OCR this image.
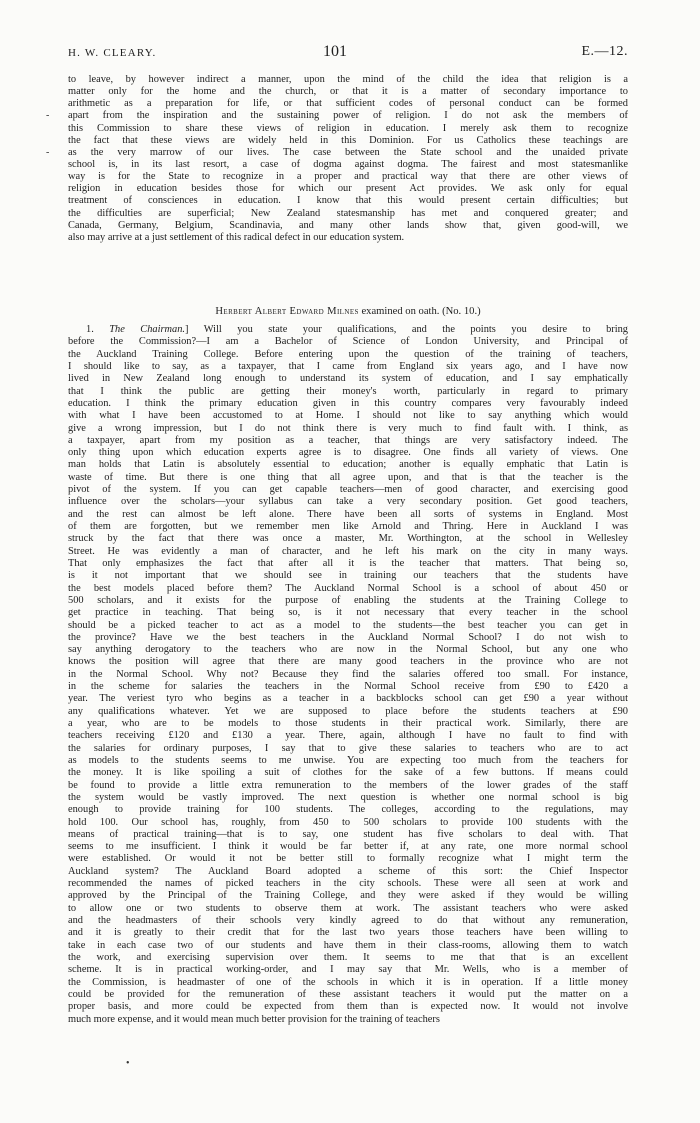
H. W. CLEARY.	101	E.—12.
-
-
to leave, by however indirect a manner, upon the mind of the child the idea that religion is a
matter only for the home and the church, or that it is a matter of secondary importance to
arithmetic as a preparation for life, or that sufficient codes of personal conduct can be formed
apart from the inspiration and the sustaining power of religion. I do not ask the members of
this Commission to share these views of religion in education. I merely ask them to recognize
the fact that these views are widely held in this Dominion. For us Catholics these teachings are
as the very marrow of our lives. The case between the State school and the unaided private
school is, in its last resort, a case of dogma against dogma. The fairest and most statesmanlike
way is for the State to recognize in a proper and practical way that there are other views of
religion in education besides those for which our present Act provides. We ask only for equal
treatment of consciences in education. I know that this would present certain difficulties; but
the difficulties are superficial; New Zealand statesmanship has met and conquered greater; and
Canada, Germany, Belgium, Scandinavia, and many other lands show that, given good-will, we
also may arrive at a just settlement of this radical defect in our education system.
Herbert Albert Edward Milnes examined on oath. (No. 10.)
1. The Chairman.] Will you state your qualifications, and the points you desire to bring
before the Commission?—I am a Bachelor of Science of London University, and Principal of
the Auckland Training College. Before entering upon the question of the training of teachers,
I should like to say, as a taxpayer, that I came from England six years ago, and I have now
lived in New Zealand long enough to understand its system of education, and I say emphatically
that I think the public are getting their money's worth, particularly in regard to primary
education. I think the primary education given in this country compares very favourably indeed
with what I have been accustomed to at Home. I should not like to say anything which would
give a wrong impression, but I do not think there is very much to find fault with. I think, as
a taxpayer, apart from my position as a teacher, that things are very satisfactory indeed. The
only thing upon which education experts agree is to disagree. One finds all variety of views. One
man holds that Latin is absolutely essential to education; another is equally emphatic that Latin is
waste of time. But there is one thing that all agree upon, and that is that the teacher is the
pivot of the system. If you can get capable teachers—men of good character, and exercising good
influence over the scholars—your syllabus can take a very secondary position. Get good teachers,
and the rest can almost be left alone. There have been all sorts of systems in England. Most
of them are forgotten, but we remember men like Arnold and Thring. Here in Auckland I was
struck by the fact that there was once a master, Mr. Worthington, at the school in Wellesley
Street. He was evidently a man of character, and he left his mark on the city in many ways.
That only emphasizes the fact that after all it is the teacher that matters. That being so,
is it not important that we should see in training our teachers that the students have
the best models placed before them? The Auckland Normal School is a school of about 450 or
500 scholars, and it exists for the purpose of enabling the students at the Training College to
get practice in teaching. That being so, is it not necessary that every teacher in the school
should be a picked teacher to act as a model to the students—the best teacher you can get in
the province? Have we the best teachers in the Auckland Normal School? I do not wish to
say anything derogatory to the teachers who are now in the Normal School, but any one who
knows the position will agree that there are many good teachers in the province who are not
in the Normal School. Why not? Because they find the salaries offered too small. For instance,
in the scheme for salaries the teachers in the Normal School receive from £90 to £420 a
year. The veriest tyro who begins as a teacher in a backblocks school can get £90 a year without
any qualifications whatever. Yet we are supposed to place before the students teachers at £90
a year, who are to be models to those students in their practical work. Similarly, there are
teachers receiving £120 and £130 a year. There, again, although I have no fault to find with
the salaries for ordinary purposes, I say that to give these salaries to teachers who are to act
as models to the students seems to me unwise. You are expecting too much from the teachers for
the money. It is like spoiling a suit of clothes for the sake of a few buttons. If means could
be found to provide a little extra remuneration to the members of the lower grades of the staff
the system would be vastly improved. The next question is whether one normal school is big
enough to provide training for 100 students. The colleges, according to the regulations, may
hold 100. Our school has, roughly, from 450 to 500 scholars to provide 100 students with the
means of practical training—that is to say, one student has five scholars to deal with. That
seems to me insufficient. I think it would be far better if, at any rate, one more normal school
were established. Or would it not be better still to formally recognize what I might term the
Auckland system? The Auckland Board adopted a scheme of this sort: the Chief Inspector
recommended the names of picked teachers in the city schools. These were all seen at work and
approved by the Principal of the Training College, and they were asked if they would be willing
to allow one or two students to observe them at work. The assistant teachers who were asked
and the headmasters of their schools very kindly agreed to do that without any remuneration,
and it is greatly to their credit that for the last two years those teachers have been willing to
take in each case two of our students and have them in their class-rooms, allowing them to watch
the work, and exercising supervision over them. It seems to me that that is an excellent
scheme. It is in practical working-order, and I may say that Mr. Wells, who is a member of
the Commission, is headmaster of one of the schools in which it is in operation. If a little money
could be provided for the remuneration of these assistant teachers it would put the matter on a
proper basis, and more could be expected from them than is expected now. It would not involve
much more expense, and it would mean much better provision for the training of teachers
•
